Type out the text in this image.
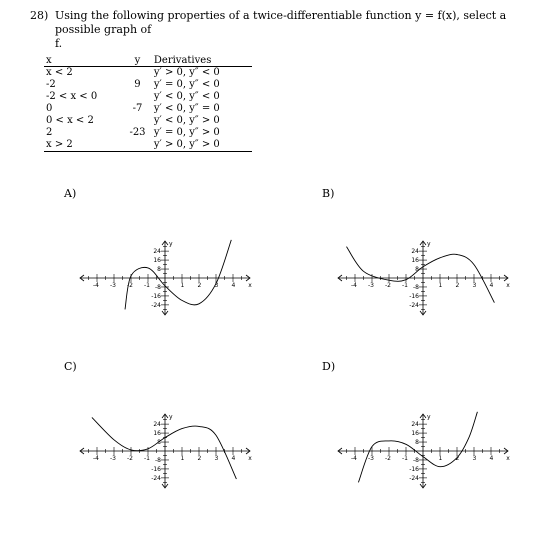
28) Using the following properties of a twice-differentiable function y = f(x), select a possible graph of
f.
x	y	Derivatives
x < 2		y′ > 0, y″ < 0
-2	9	y′ = 0, y″ < 0
-2 < x < 0		y′ < 0, y″ < 0
0	-7	y′ < 0, y″ = 0
0 < x < 2		y′ < 0, y″ > 0
2	-23	y′ = 0, y″ > 0
x > 2		y′ > 0, y″ > 0
A)	B)
C)	D)
-4 -3 -2 -1	1 2 3 4 x
24
16
8
-8
-16
-24
y
-4 -3 -2 -1	1 2 3 4 x
24
16
8
-8
-16
-24
y
-4 -3 -2 -1	1 2 3 4 x
24
16
8
-8
-16
-24
y
-4 -3 -2 -1	1 2 3 4 x
24
16
8
-8
-16
-24
y
